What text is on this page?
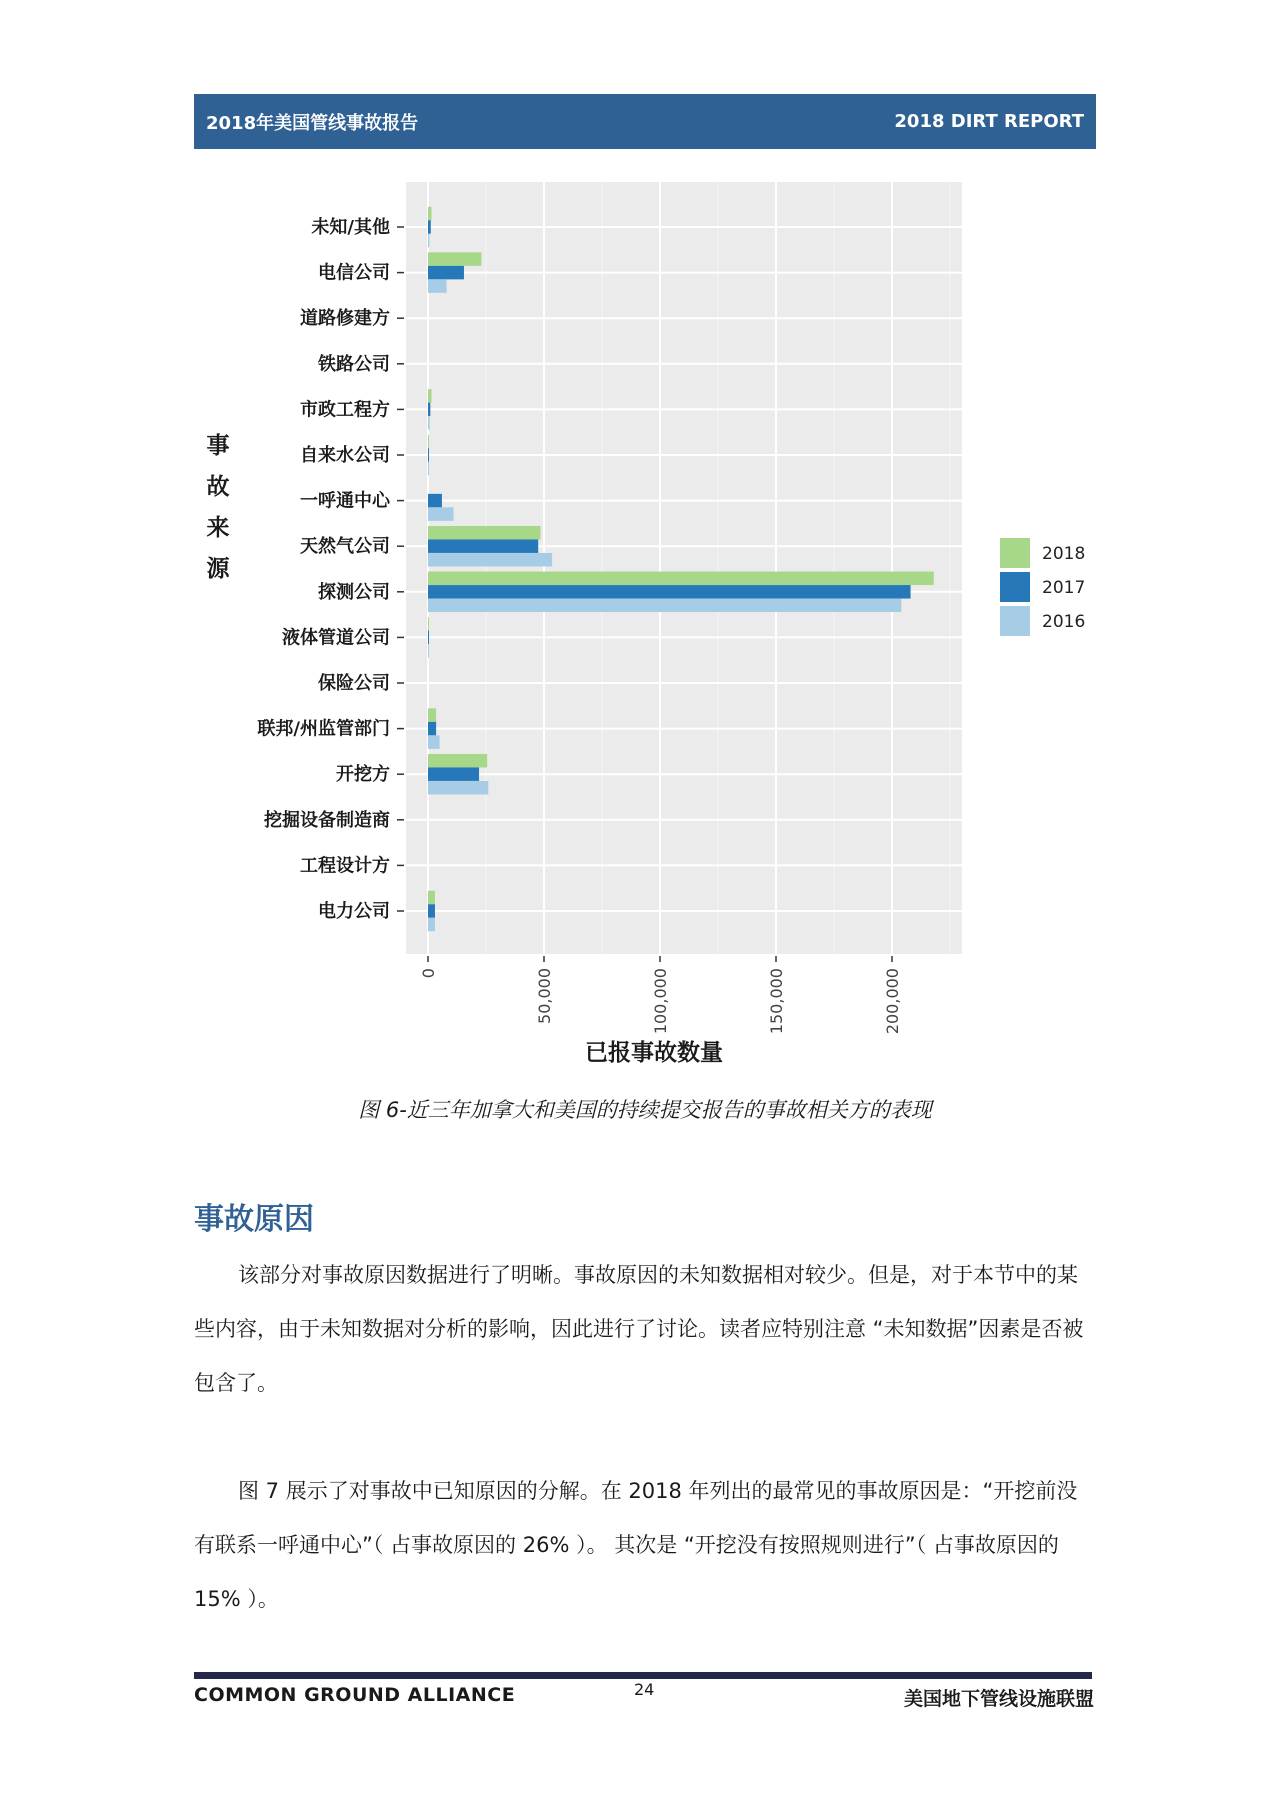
2018年美国管线事故报告	2018 DIRT REPORT
未知/其他
电信公司
道路修建方
铁路公司
市政工程方
自来水公司
一呼通中心
天然气公司
探测公司
液体管道公司
保险公司
联邦/州监管部门
开挖方
挖掘设备制造商
工程设计方
电力公司
0	50,000	100,000	150,000	200,000
已报事故数量
事
故
来
源
2018
2017
2016
图 6-近三年加拿大和美国的持续提交报告的事故相关方的表现
事故原因

该部分对事故原因数据进行了明晰。事故原因的未知数据相对较少。但是，对于本节中的某些内容，由于未知数据对分析的影响，因此进行了讨论。读者应特别注意 “未知数据”因素是否被包含了。

图 7 展示了对事故中已知原因的分解。在 2018 年列出的最常见的事故原因是：“开挖前没有联系一呼通中心”（ 占事故原因的 26% ）。 其次是 “开挖没有按照规则进行”（ 占事故原因的 15% ）。

COMMON GROUND ALLIANCE	24	美国地下管线设施联盟
